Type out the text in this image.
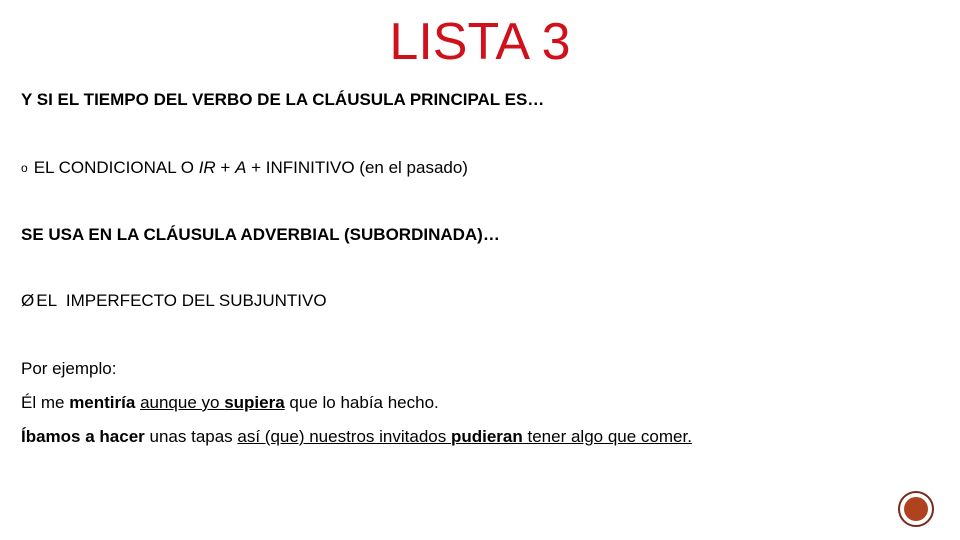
LISTA 3
Y SI EL TIEMPO DEL VERBO DE LA CLÁUSULA PRINCIPAL ES…
o EL CONDICIONAL O IR + A + INFINITIVO (en el pasado)
SE USA EN LA CLÁUSULA ADVERBIAL (SUBORDINADA)…
Ø EL  IMPERFECTO DEL SUBJUNTIVO
Por ejemplo:
Él me mentiría aunque yo supiera que lo había hecho.
Íbamos a hacer unas tapas así (que) nuestros invitados pudieran tener algo que comer.
